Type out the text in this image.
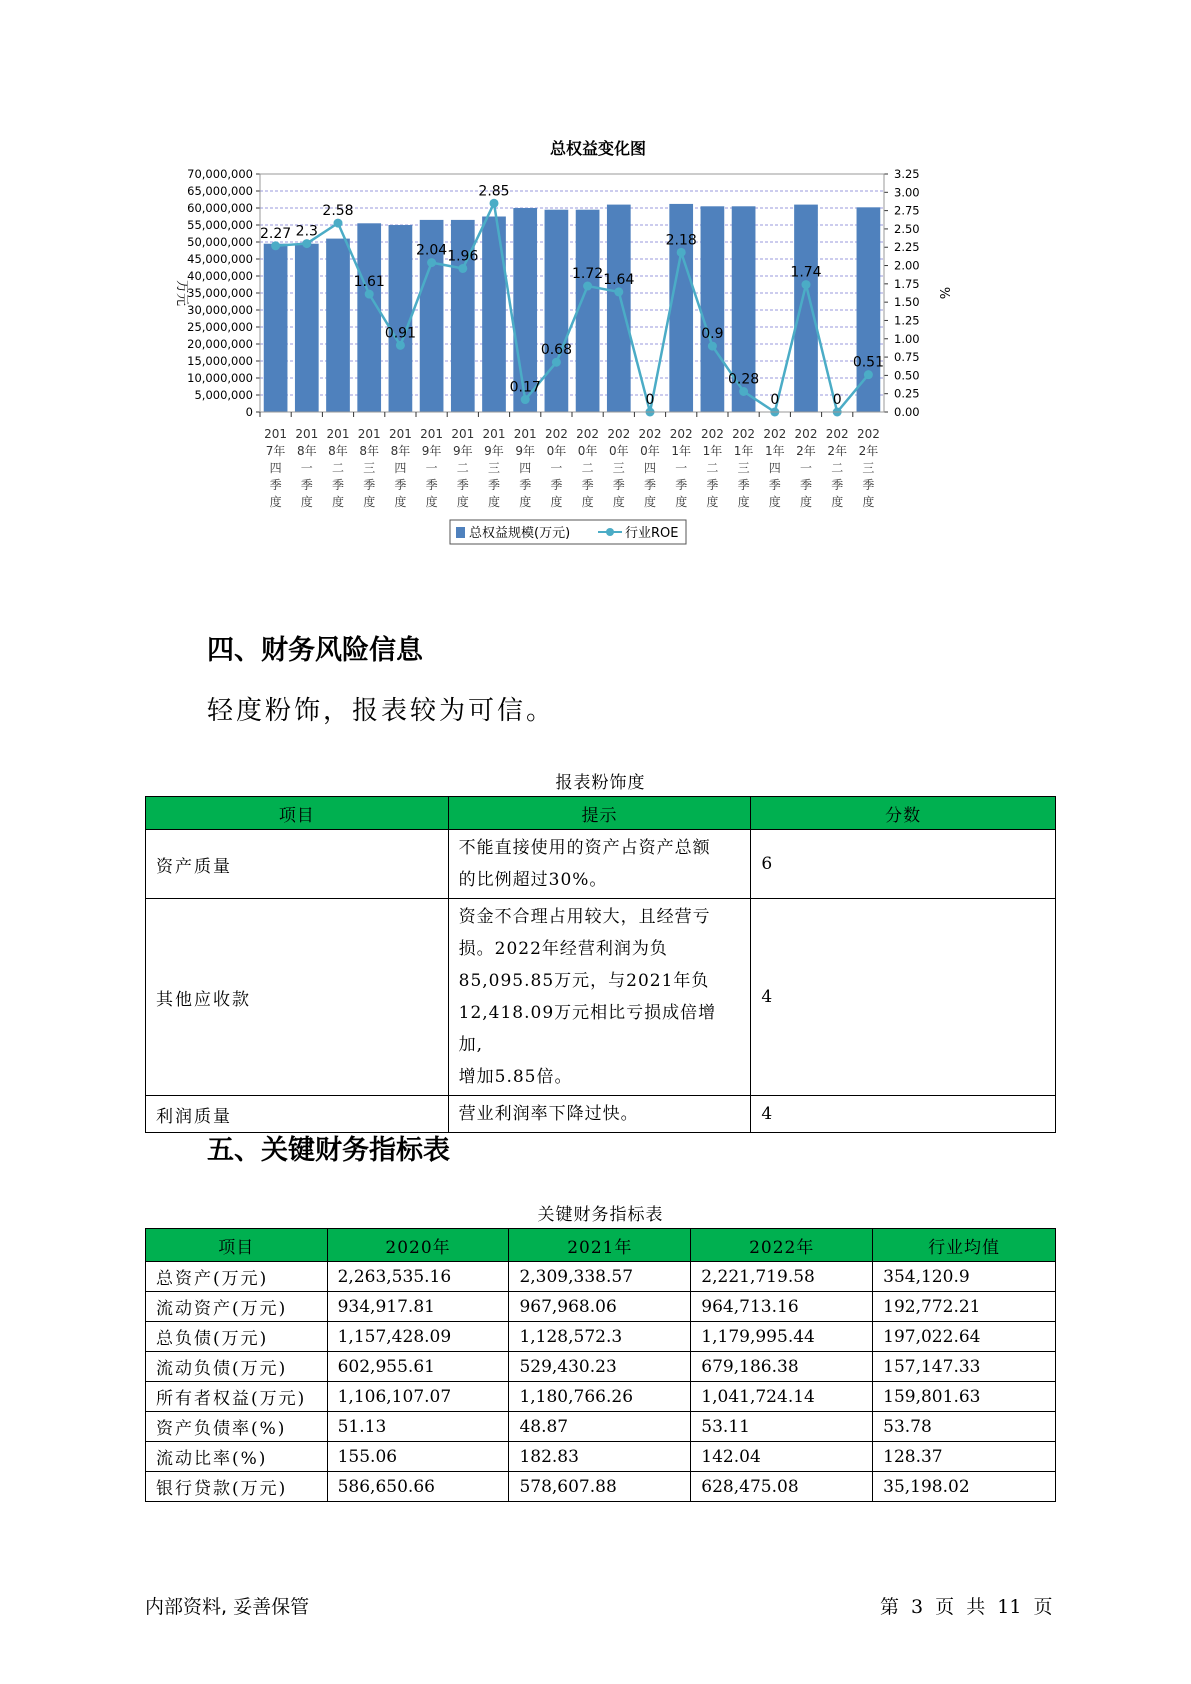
总权益变化图
0
5,000,000
10,000,000
15,000,000
20,000,000
25,000,000
30,000,000
35,000,000
40,000,000
45,000,000
50,000,000
55,000,000
60,000,000
65,000,000
70,000,000
0.00
0.25
0.50
0.75
1.00
1.25
1.50
1.75
2.00
2.25
2.50
2.75
3.00
3.25
万元	%
201
7年
四
季
度
201
8年
一
季
度
201
8年
二
季
度
201
8年
三
季
度
201
8年
四
季
度
201
9年
一
季
度
201
9年
二
季
度
201
9年
三
季
度
201
9年
四
季
度
202
0年
一
季
度
202
0年
二
季
度
202
0年
三
季
度
202
0年
四
季
度
202
1年
一
季
度
202
1年
二
季
度
202
1年
三
季
度
202
1年
四
季
度
202
2年
一
季
度
202
2年
二
季
度
202
2年
三
季
度
2.27 2.3
2.58
1.61
0.91
2.04 1.96
2.85
0.17
0.68
1.72 1.64
0
2.18
0.9
0.28
0
1.74
0
0.51
总权益规模(万元)	行业ROE
四、财务风险信息
轻度粉饰，报表较为可信。
报表粉饰度
项目	提示	分数
资产质量	不能直接使用的资产占资产总额
的比例超过30%。	6
其他应收款	资金不合理占用较大，且经营亏
损。2022年经营利润为负
85,095.85万元，与2021年负
12,418.09万元相比亏损成倍增加,
增加5.85倍。	4
利润质量	营业利润率下降过快。	4
五、关键财务指标表
关键财务指标表
项目	2020年	2021年	2022年	行业均值
总资产(万元)	2,263,535.16	2,309,338.57	2,221,719.58	354,120.9
流动资产(万元)	934,917.81	967,968.06	964,713.16	192,772.21
总负债(万元)	1,157,428.09	1,128,572.3	1,179,995.44	197,022.64
流动负债(万元)	602,955.61	529,430.23	679,186.38	157,147.33
所有者权益(万元)	1,106,107.07	1,180,766.26	1,041,724.14	159,801.63
资产负债率(%)	51.13	48.87	53.11	53.78
流动比率(%)	155.06	182.83	142.04	128.37
银行贷款(万元)	586,650.66	578,607.88	628,475.08	35,198.02
内部资料, 妥善保管	第 3 页 共 11 页
